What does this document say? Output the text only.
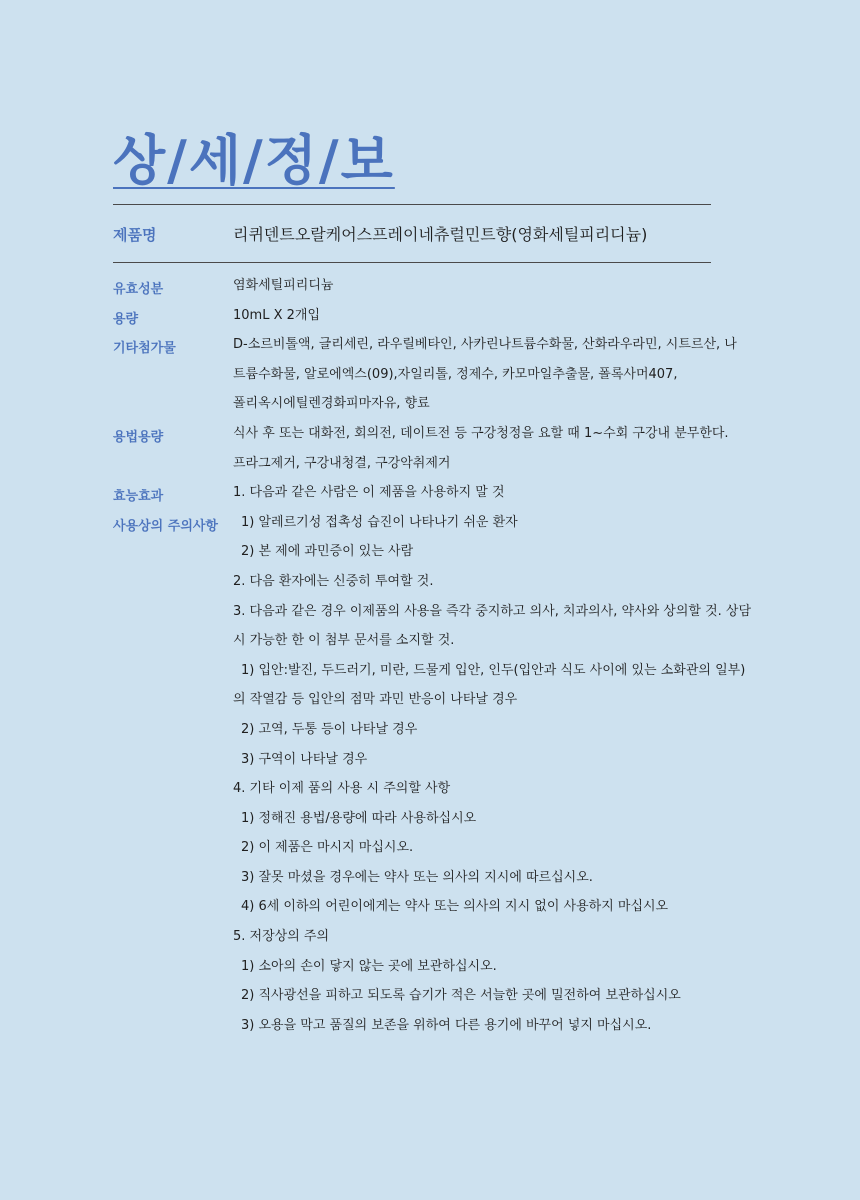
상/세/정/보
제품명	리퀴덴트오랄케어스프레이네츄럴민트향(영화세틸피리디늄)
유효성분
용량
기타첨가물
용법용량
효능효과
사용상의 주의사항
염화세틸피리디늄
10mL X 2개입
D-소르비톨액, 글리세린, 라우릴베타인, 사카린나트륨수화물, 산화라우라민, 시트르산, 나
트륨수화물, 알로에엑스(09),자일리톨, 정제수, 카모마일추출물, 폴록사머407,
폴리옥시에틸렌경화피마자유, 향료
식사 후 또는 대화전, 회의전, 데이트전 등 구강청정을 요할 때 1~수회 구강내 분무한다.
프라그제거, 구강내청결, 구강악취제거
1. 다음과 같은 사람은 이 제품을 사용하지 말 것
1) 알레르기성 접촉성 습진이 나타나기 쉬운 환자
2) 본 제에 과민증이 있는 사람
2. 다음 환자에는 신중히 투여할 것.
3. 다음과 같은 경우 이제품의 사용을 즉각 중지하고 의사, 치과의사, 약사와 상의할 것. 상담
시 가능한 한 이 첨부 문서를 소지할 것.
1) 입안:발진, 두드러기, 미란, 드물게 입안, 인두(입안과 식도 사이에 있는 소화관의 일부)
의 작열감 등 입안의 점막 과민 반응이 나타날 경우
2) 고역, 두통 등이 나타날 경우
3) 구역이 나타날 경우
4. 기타 이제 품의 사용 시 주의할 사항
1) 정해진 용법/용량에 따라 사용하십시오
2) 이 제품은 마시지 마십시오.
3) 잘못 마셨을 경우에는 약사 또는 의사의 지시에 따르십시오.
4) 6세 이하의 어린이에게는 약사 또는 의사의 지시 없이 사용하지 마십시오
5. 저장상의 주의
1) 소아의 손이 닿지 않는 곳에 보관하십시오.
2) 직사광선을 피하고 되도록 습기가 적은 서늘한 곳에 밀전하여 보관하십시오
3) 오용을 막고 품질의 보존을 위하여 다른 용기에 바꾸어 넣지 마십시오.
